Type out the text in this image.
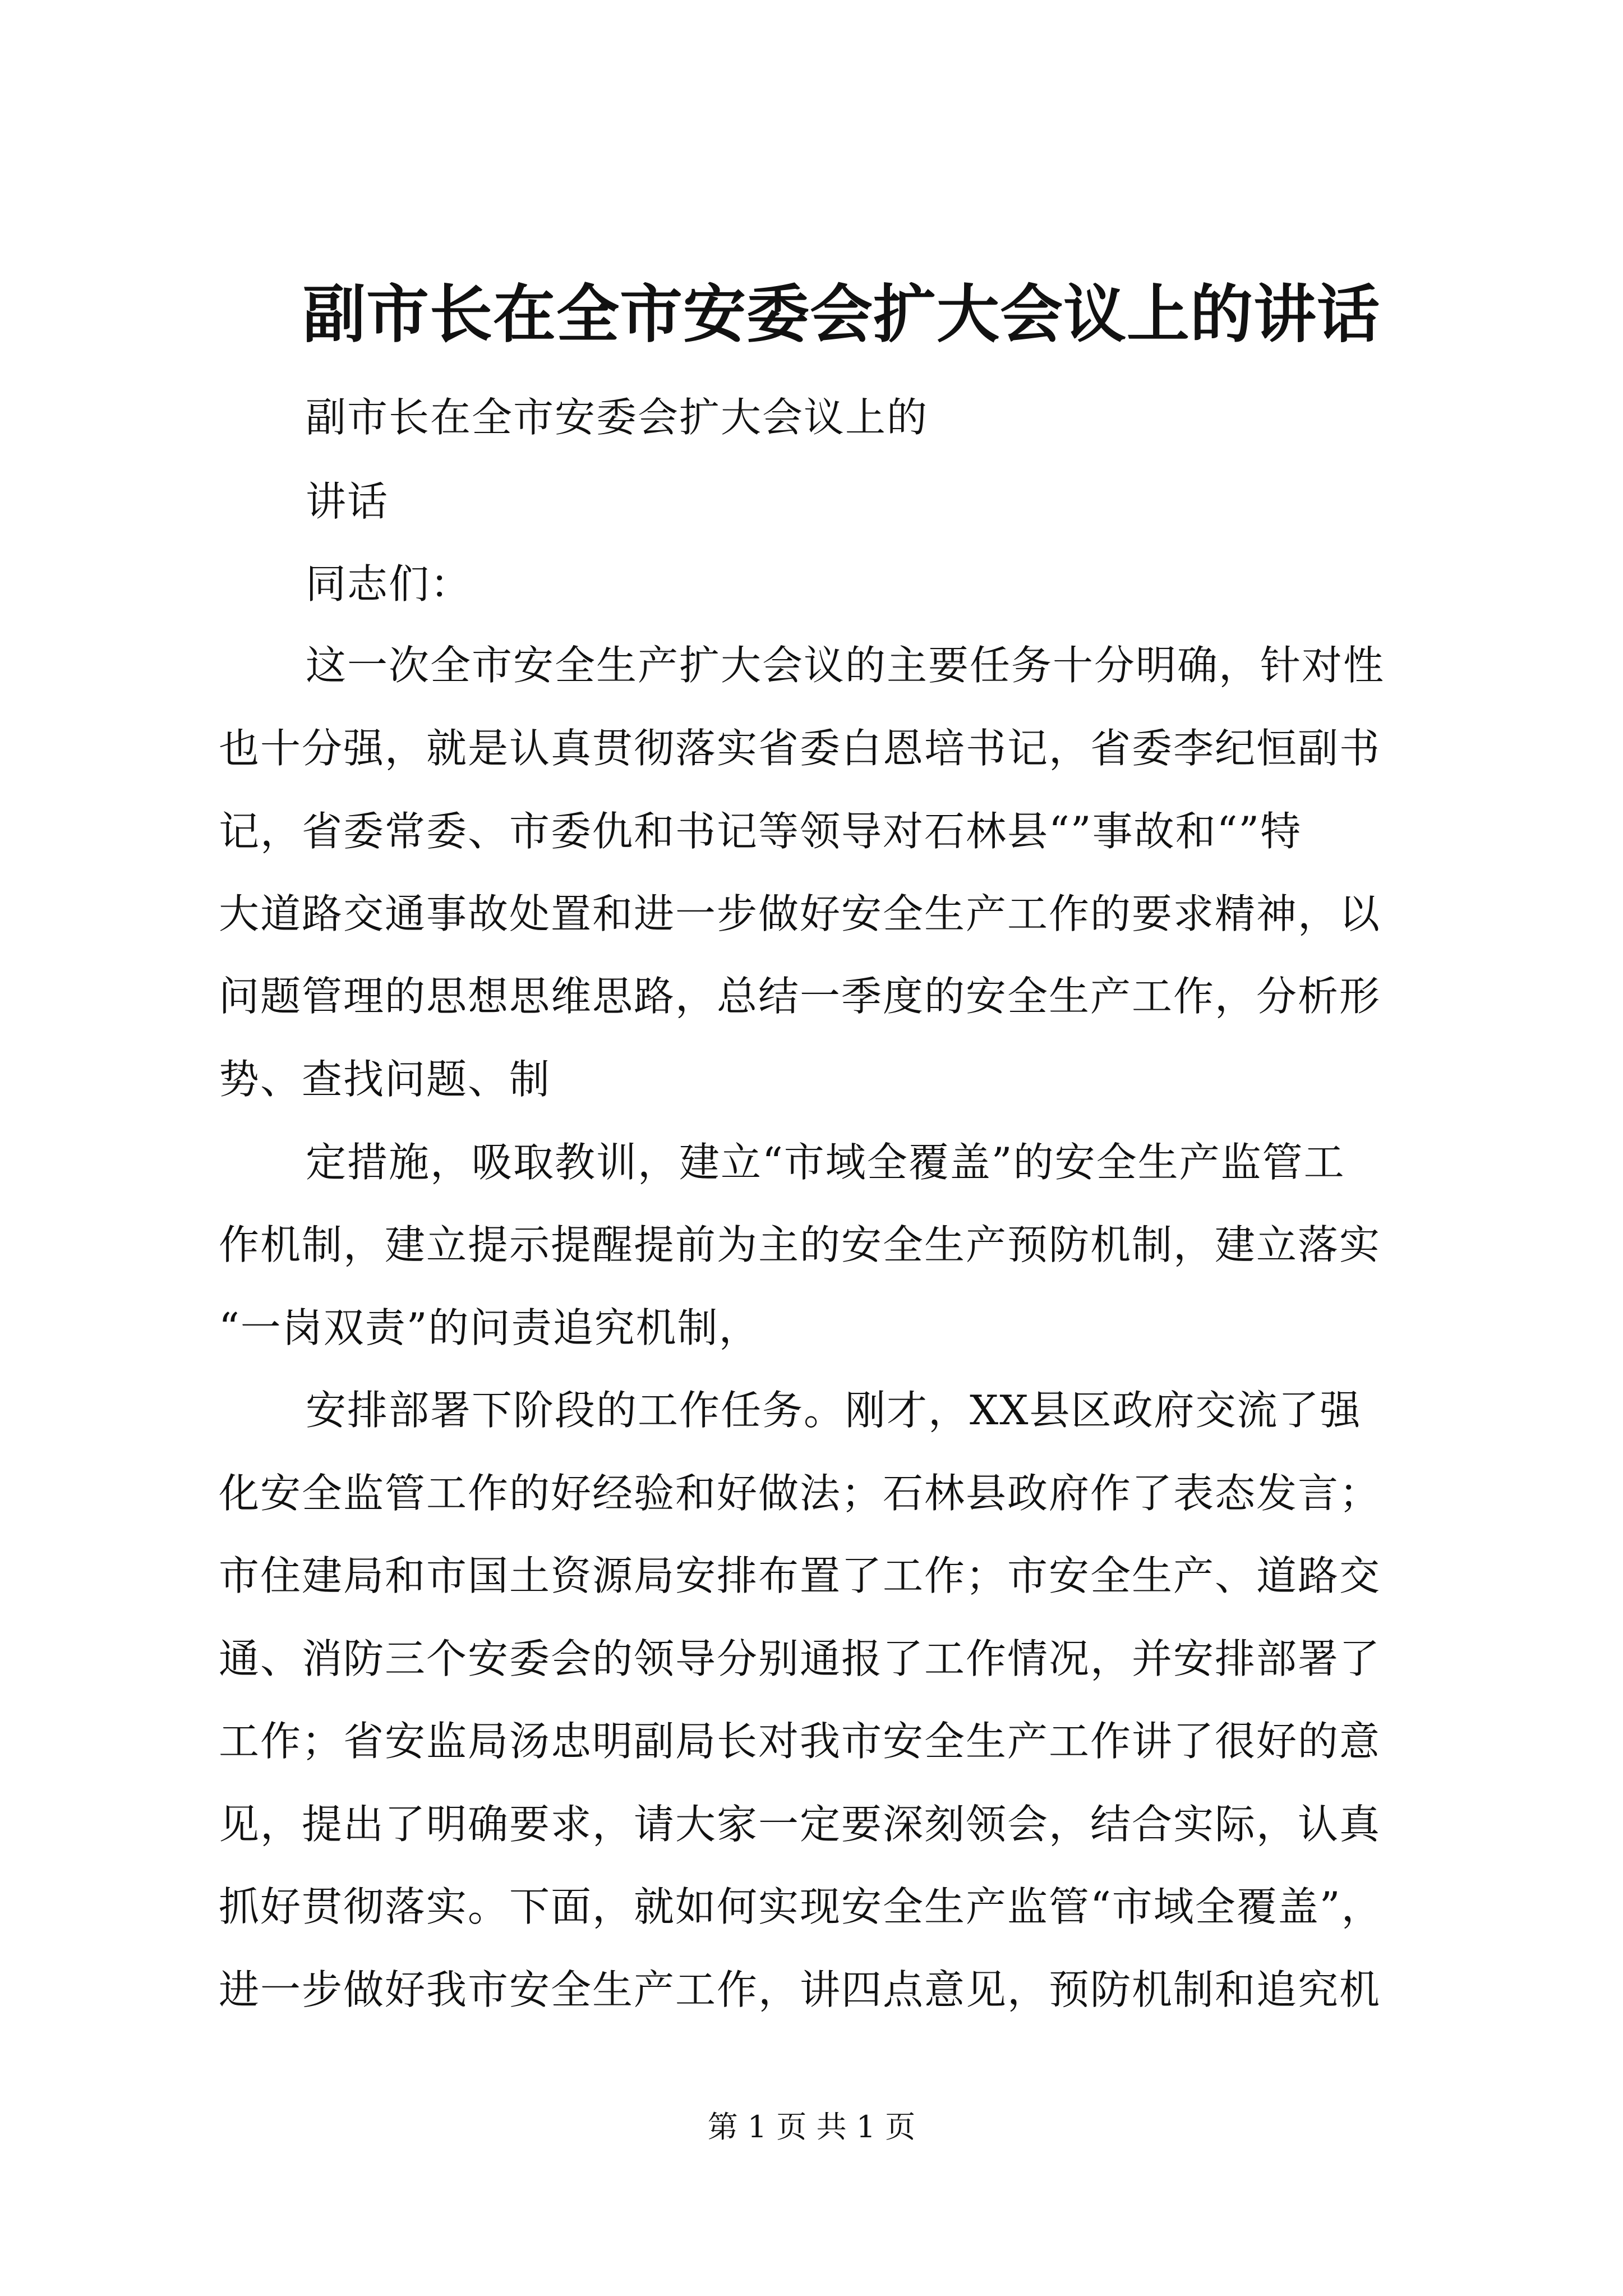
副市长在全市安委会扩大会议上的讲话
副市长在全市安委会扩大会议上的
讲话
同志们：
这一次全市安全生产扩大会议的主要任务十分明确，针对性
也十分强，就是认真贯彻落实省委白恩培书记，省委李纪恒副书
记，省委常委、市委仇和书记等领导对石林县“”事故和“”特
大道路交通事故处置和进一步做好安全生产工作的要求精神，以
问题管理的思想思维思路，总结一季度的安全生产工作，分析形
势、查找问题、制
定措施，吸取教训，建立“市域全覆盖”的安全生产监管工
作机制，建立提示提醒提前为主的安全生产预防机制，建立落实
“一岗双责”的问责追究机制，
安排部署下阶段的工作任务。刚才，XX县区政府交流了强
化安全监管工作的好经验和好做法；石林县政府作了表态发言；
市住建局和市国土资源局安排布置了工作；市安全生产、道路交
通、消防三个安委会的领导分别通报了工作情况，并安排部署了
工作；省安监局汤忠明副局长对我市安全生产工作讲了很好的意
见，提出了明确要求，请大家一定要深刻领会，结合实际，认真
抓好贯彻落实。下面，就如何实现安全生产监管“市域全覆盖”，
进一步做好我市安全生产工作，讲四点意见，预防机制和追究机
第 1 页 共 1 页
